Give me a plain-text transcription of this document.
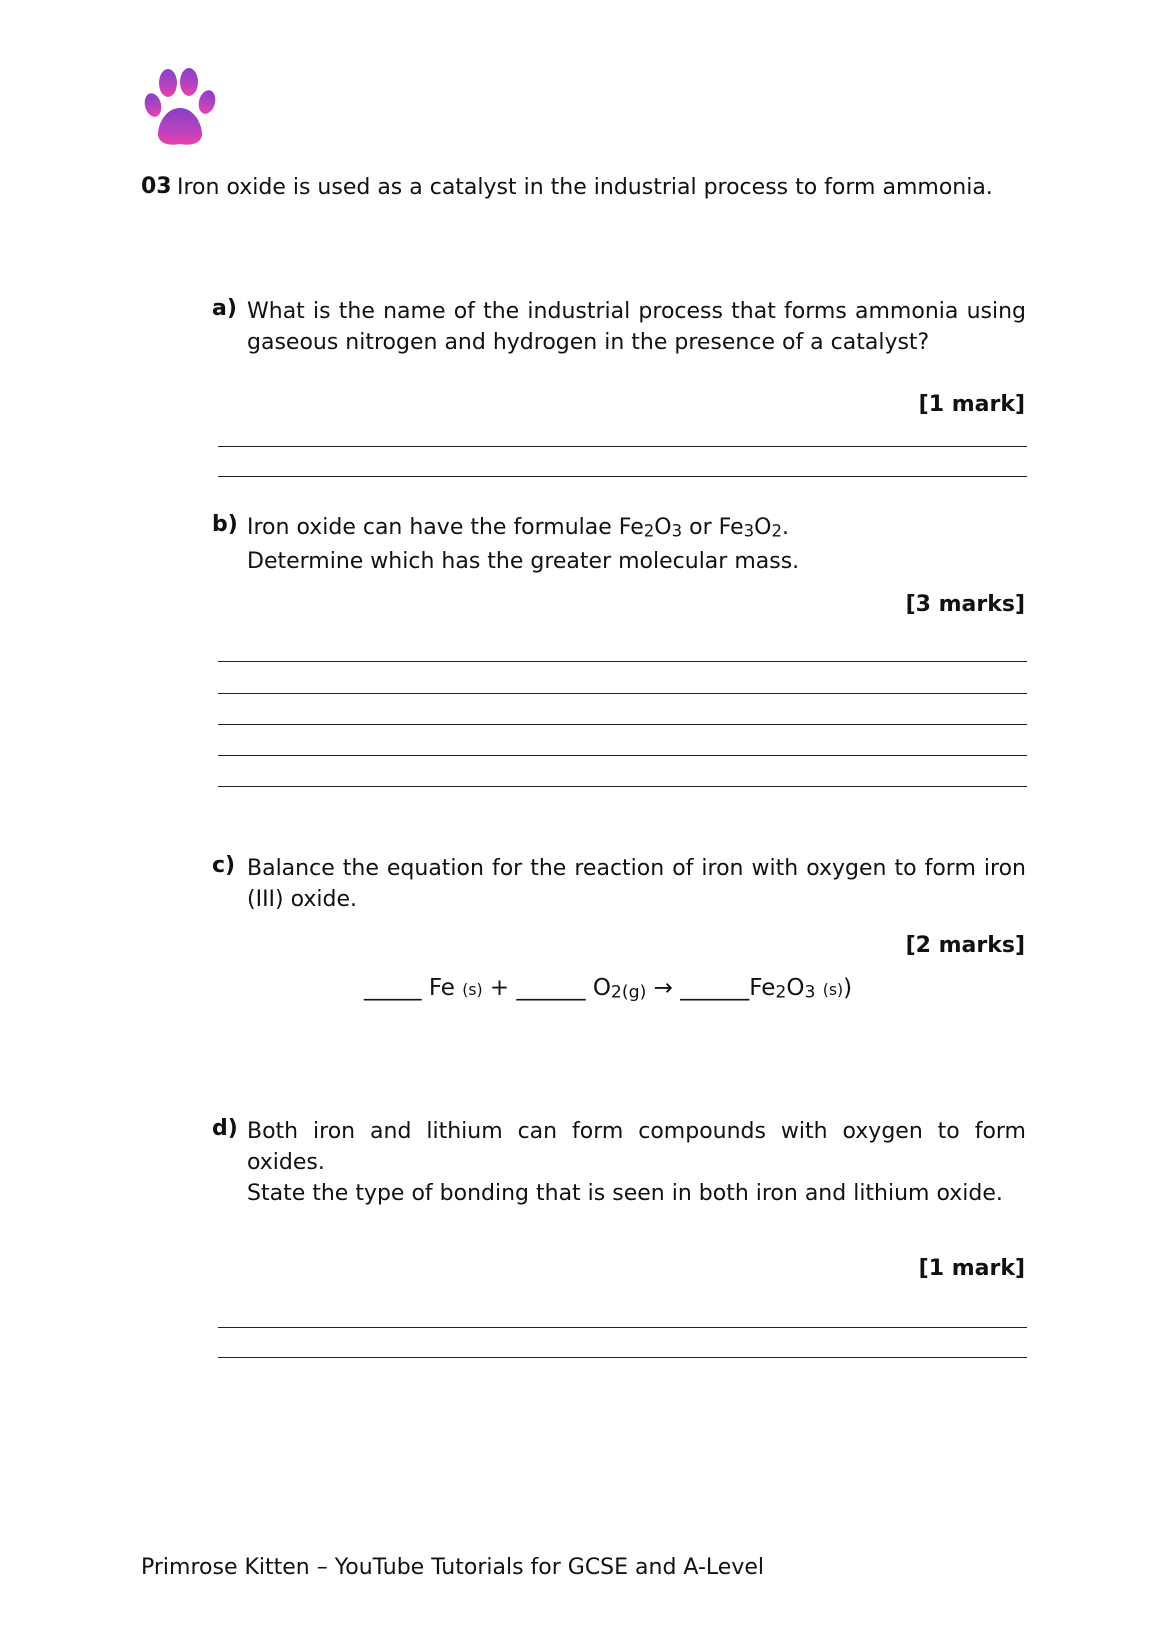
03 Iron oxide is used as a catalyst in the industrial process to form ammonia.
a) What is the name of the industrial process that forms ammonia using gaseous nitrogen and hydrogen in the presence of a catalyst?
[1 mark]
b) Iron oxide can have the formulae $Fe_2O_3$ or $Fe_3O_2$.
Determine which has the greater molecular mass.
[3 marks]
c) Balance the equation for the reaction of iron with oxygen to form iron (III) oxide.
[2 marks]
_____ Fe (s) + ______ $O_{2(g)}$ → $\_\_\_\_\_\_Fe_2O_3$ (s))
d) Both iron and lithium can form compounds with oxygen to form oxides.
State the type of bonding that is seen in both iron and lithium oxide.
[1 mark]
Primrose Kitten – YouTube Tutorials for GCSE and A-Level
